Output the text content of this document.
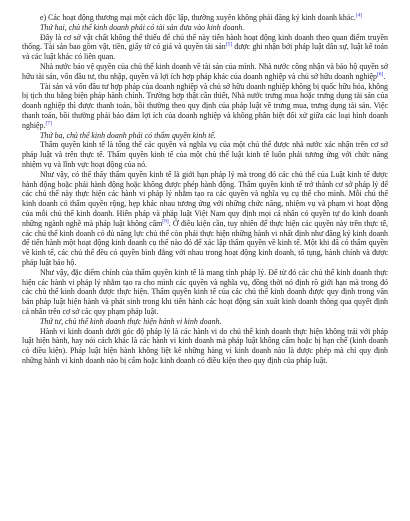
e) Các hoạt động thương mại một cách độc lập, thường xuyên không phải đăng ký kinh doanh khác.[4]

Thứ hai, chủ thể kinh doanh phải có tài sản đưa vào kinh doanh.

Đây là cơ sở vật chất không thể thiếu để chủ thể này tiến hành hoạt động kinh doanh theo quan điểm truyền thống. Tài sản bao gồm vật, tiền, giấy tờ có giá và quyền tài sản[5] được ghi nhận bởi pháp luật dân sự, luật kế toán và các luật khác có liên quan.

Nhà nước bảo vệ quyền của chủ thể kinh doanh về tài sản của mình. Nhà nước công nhận và bảo hộ quyền sở hữu tài sản, vốn đầu tư, thu nhập, quyền và lợi ích hợp pháp khác của doanh nghiệp và chủ sở hữu doanh nghiệp[6].

Tài sản và vốn đầu tư hợp pháp của doanh nghiệp và chủ sở hữu doanh nghiệp không bị quốc hữu hóa, không bị tịch thu bằng biện pháp hành chính. Trường hợp thật cần thiết, Nhà nước trưng mua hoặc trưng dụng tài sản của doanh nghiệp thì được thanh toán, bồi thường theo quy định của pháp luật về trưng mua, trưng dụng tài sản. Việc thanh toán, bồi thường phải bảo đảm lợi ích của doanh nghiệp và không phân biệt đối xử giữa các loại hình doanh nghiệp.[7]

Thứ ba, chủ thể kinh doanh phải có thẩm quyền kinh tế.

Thẩm quyền kinh tế là tổng thể các quyền và nghĩa vụ của một chủ thể được nhà nước xác nhận trên cơ sở pháp luật và trên thực tế. Thẩm quyền kinh tế của một chủ thể luật kinh tế luôn phải tương ứng với chức năng nhiệm vụ và lĩnh vực hoạt động của nó.

Như vậy, có thể thấy thẩm quyền kinh tế là giới hạn pháp lý mà trong đó các chủ thể của Luật kinh tế được hành động hoặc phải hành động hoặc không được phép hành động. Thẩm quyền kinh tế trở thành cơ sở pháp lý để các chủ thể này thực hiện các hành vi pháp lý nhằm tạo ra các quyền và nghĩa vụ cụ thể cho mình. Mỗi chủ thể kinh doanh có thẩm quyền rộng, hẹp khác nhau tương ứng với những chức năng, nhiệm vụ và phạm vi hoạt động của mỗi chủ thể kinh doanh. Hiến pháp và pháp luật Việt Nam quy định mọi cá nhân có quyền tự do kinh doanh những ngành nghề mà pháp luật không cấm[8]. Ở điều kiện cần, tuy nhiên để thực hiện các quyền này trên thực tế, các chủ thể kinh doanh có đủ năng lực chủ thể còn phải thực hiện những hành vi nhất định như đăng ký kinh doanh để tiến hành một hoạt động kinh doanh cụ thể nào đó để xác lập thẩm quyền về kinh tế. Một khi đã có thẩm quyền về kinh tế, các chủ thể đều có quyền bình đẳng với nhau trong hoạt động kinh doanh, tố tụng, hành chính và được pháp luật bảo hộ.

Như vậy, đặc điểm chính của thẩm quyền kinh tế là mang tính pháp lý. Để từ đó các chủ thể kinh doanh thực hiện các hành vi pháp lý nhằm tạo ra cho mình các quyền và nghĩa vụ, đồng thời nó định rõ giới hạn mà trong đó các chủ thể kinh doanh được thực hiện. Thẩm quyền kinh tế của các chủ thể kinh doanh được quy định trong văn bản pháp luật hiện hành và phát sinh trong khi tiến hành các hoạt động sản xuất kinh doanh thông qua quyết định cá nhân trên cơ sở các quy phạm pháp luật.

Thứ tư, chủ thể kinh doanh thực hiện hành vi kinh doanh.

Hành vi kinh doanh dưới góc độ pháp lý là các hành vi do chủ thể kinh doanh thực hiện không trái với pháp luật hiện hành, hay nói cách khác là các hành vi kinh doanh mà pháp luật không cấm hoặc bị hạn chế (kinh doanh có điều kiện). Pháp luật hiện hành không liệt kê những hàng vi kinh doanh nào là được phép mà chỉ quy định những hành vi kinh doanh nào bị cấm hoặc kinh doanh có điều kiện theo quy định của pháp luật.
